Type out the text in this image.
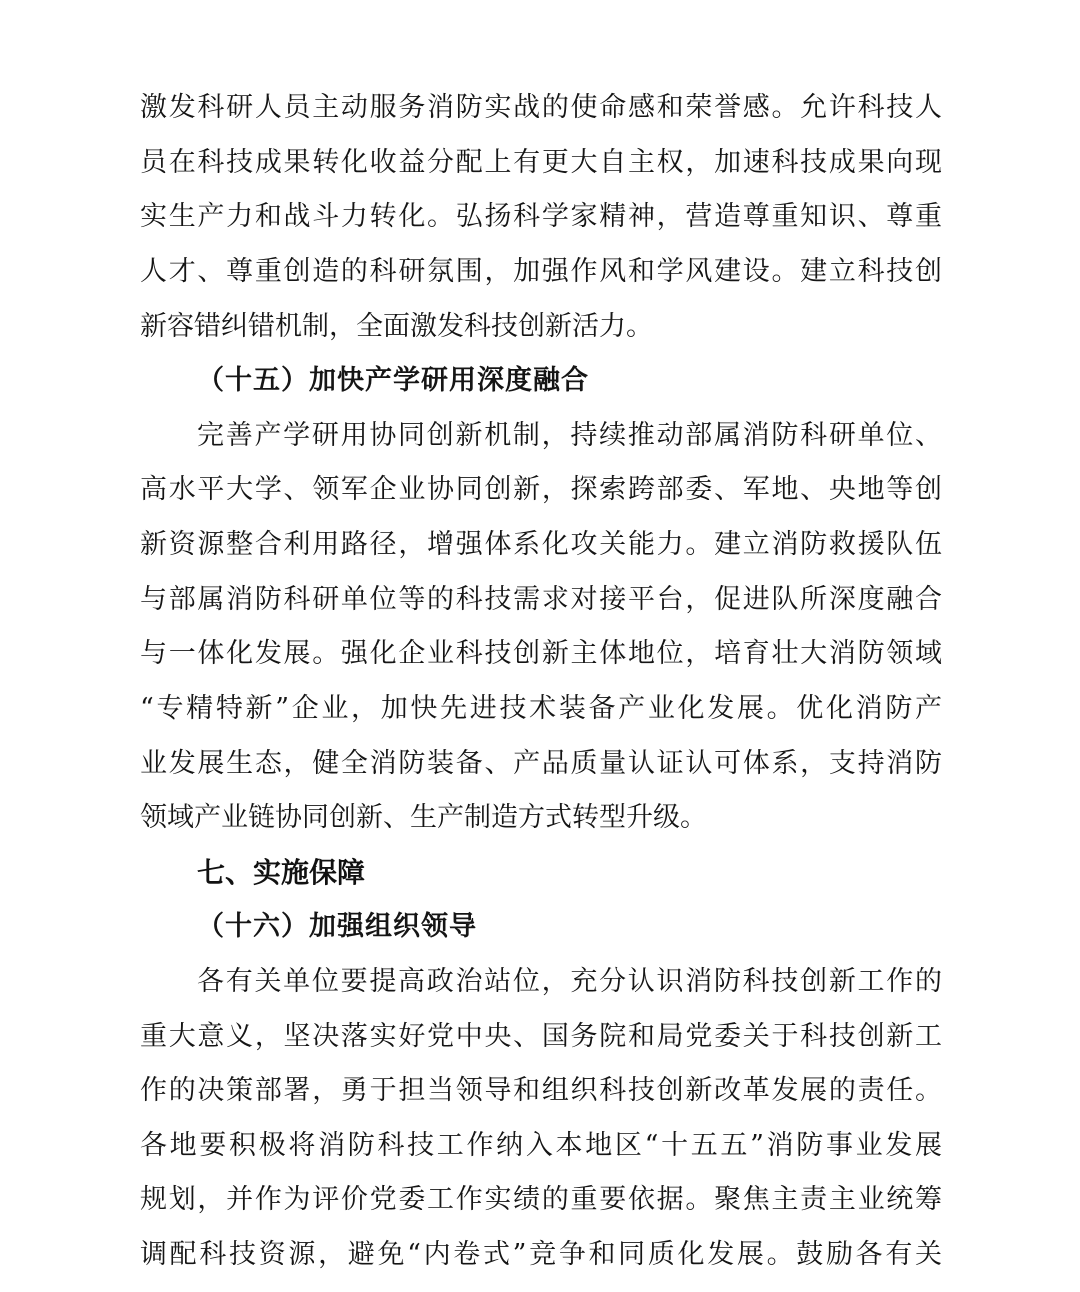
激发科研人员主动服务消防实战的使命感和荣誉感。允许科技人
员在科技成果转化收益分配上有更大自主权，加速科技成果向现
实生产力和战斗力转化。弘扬科学家精神，营造尊重知识、尊重
人才、尊重创造的科研氛围，加强作风和学风建设。建立科技创
新容错纠错机制，全面激发科技创新活力。
（十五）加快产学研用深度融合
完善产学研用协同创新机制，持续推动部属消防科研单位、
高水平大学、领军企业协同创新，探索跨部委、军地、央地等创
新资源整合利用路径，增强体系化攻关能力。建立消防救援队伍
与部属消防科研单位等的科技需求对接平台，促进队所深度融合
与一体化发展。强化企业科技创新主体地位，培育壮大消防领域
“专精特新”企业，加快先进技术装备产业化发展。优化消防产
业发展生态，健全消防装备、产品质量认证认可体系，支持消防
领域产业链协同创新、生产制造方式转型升级。
七、实施保障
（十六）加强组织领导
各有关单位要提高政治站位，充分认识消防科技创新工作的
重大意义，坚决落实好党中央、国务院和局党委关于科技创新工
作的决策部署，勇于担当领导和组织科技创新改革发展的责任。
各地要积极将消防科技工作纳入本地区“十五五”消防事业发展
规划，并作为评价党委工作实绩的重要依据。聚焦主责主业统筹
调配科技资源，避免“内卷式”竞争和同质化发展。鼓励各有关
